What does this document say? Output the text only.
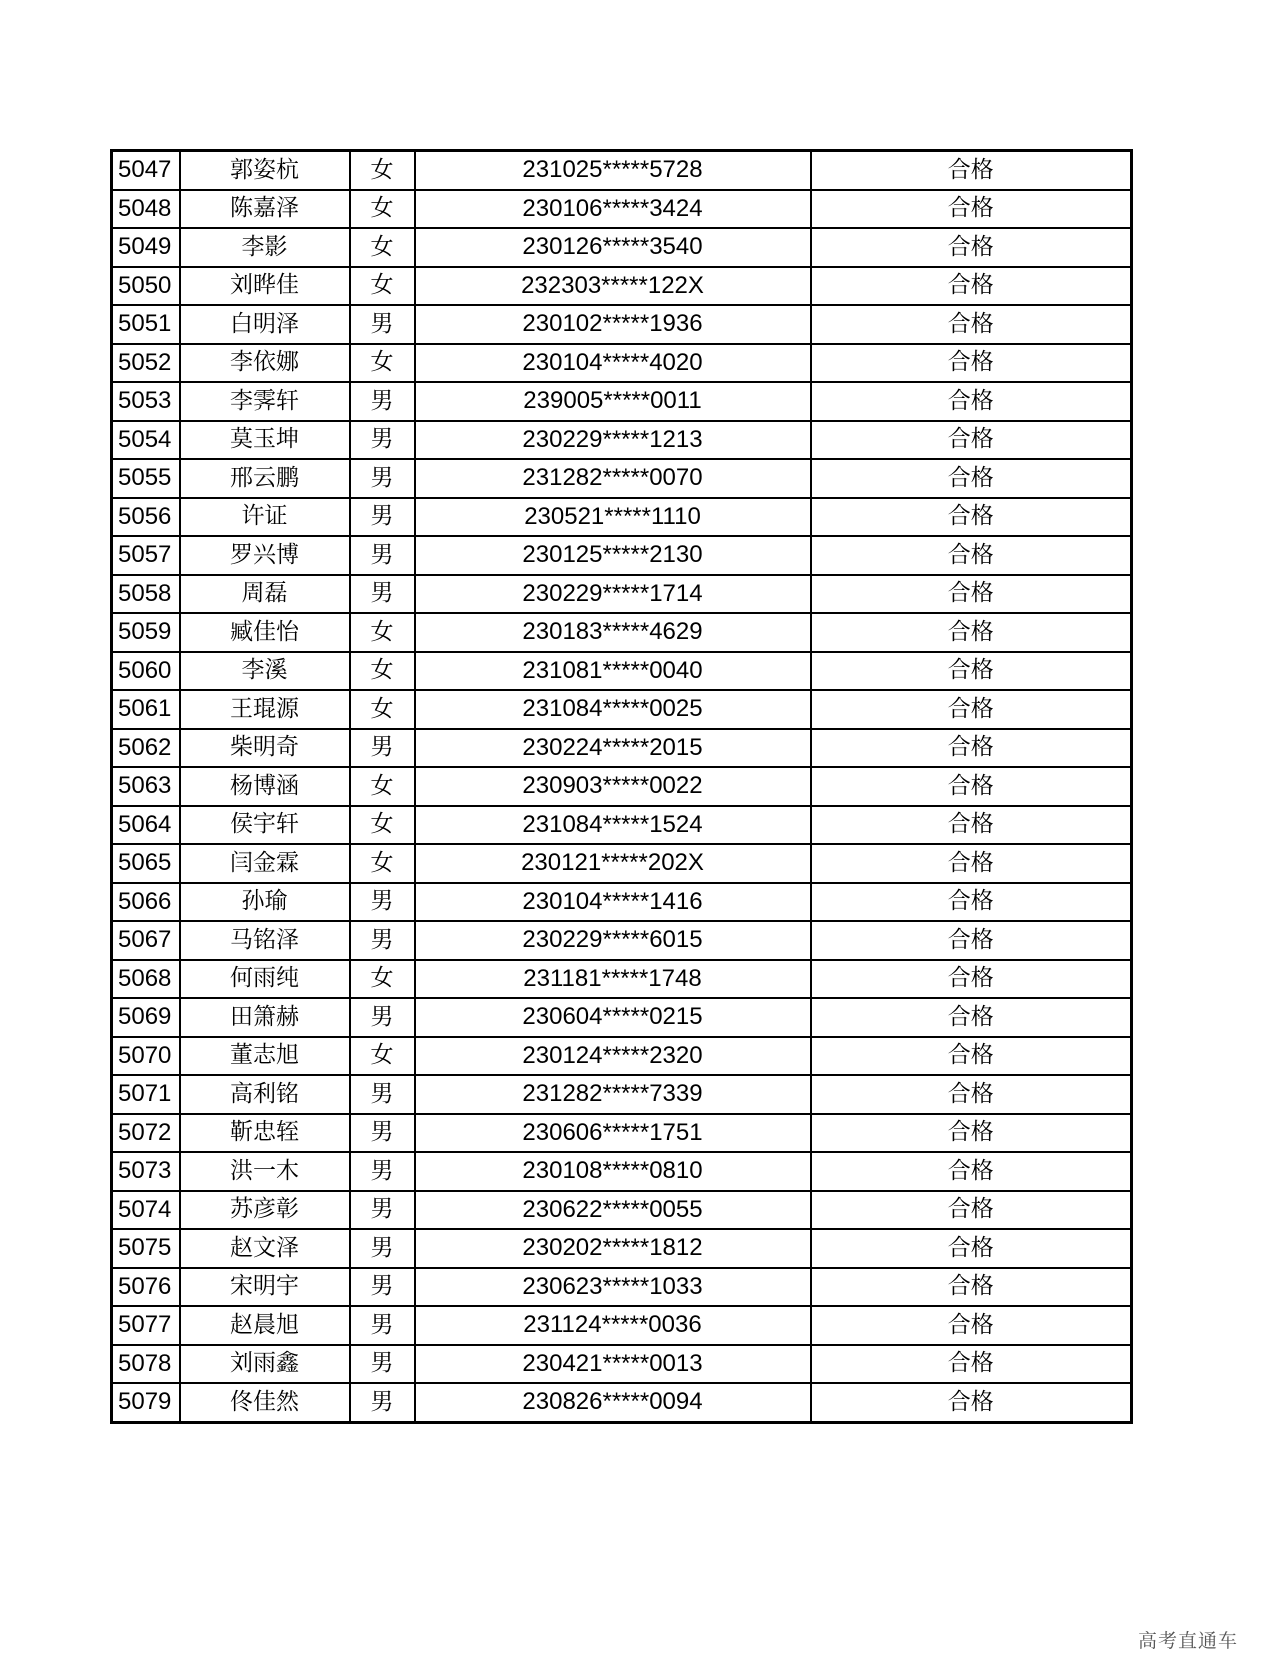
5047	郭姿杭	女	231025*****5728	合格
5048	陈嘉泽	女	230106*****3424	合格
5049	李影	女	230126*****3540	合格
5050	刘晔佳	女	232303*****122X	合格
5051	白明泽	男	230102*****1936	合格
5052	李依娜	女	230104*****4020	合格
5053	李霁轩	男	239005*****0011	合格
5054	莫玉坤	男	230229*****1213	合格
5055	邢云鹏	男	231282*****0070	合格
5056	许证	男	230521*****1110	合格
5057	罗兴博	男	230125*****2130	合格
5058	周磊	男	230229*****1714	合格
5059	臧佳怡	女	230183*****4629	合格
5060	李溪	女	231081*****0040	合格
5061	王琨源	女	231084*****0025	合格
5062	柴明奇	男	230224*****2015	合格
5063	杨博涵	女	230903*****0022	合格
5064	侯宇轩	女	231084*****1524	合格
5065	闫金霖	女	230121*****202X	合格
5066	孙瑜	男	230104*****1416	合格
5067	马铭泽	男	230229*****6015	合格
5068	何雨纯	女	231181*****1748	合格
5069	田箫赫	男	230604*****0215	合格
5070	董志旭	女	230124*****2320	合格
5071	高利铭	男	231282*****7339	合格
5072	靳忠轾	男	230606*****1751	合格
5073	洪一木	男	230108*****0810	合格
5074	苏彦彰	男	230622*****0055	合格
5075	赵文泽	男	230202*****1812	合格
5076	宋明宇	男	230623*****1033	合格
5077	赵晨旭	男	231124*****0036	合格
5078	刘雨鑫	男	230421*****0013	合格
5079	佟佳然	男	230826*****0094	合格
高考直通车
